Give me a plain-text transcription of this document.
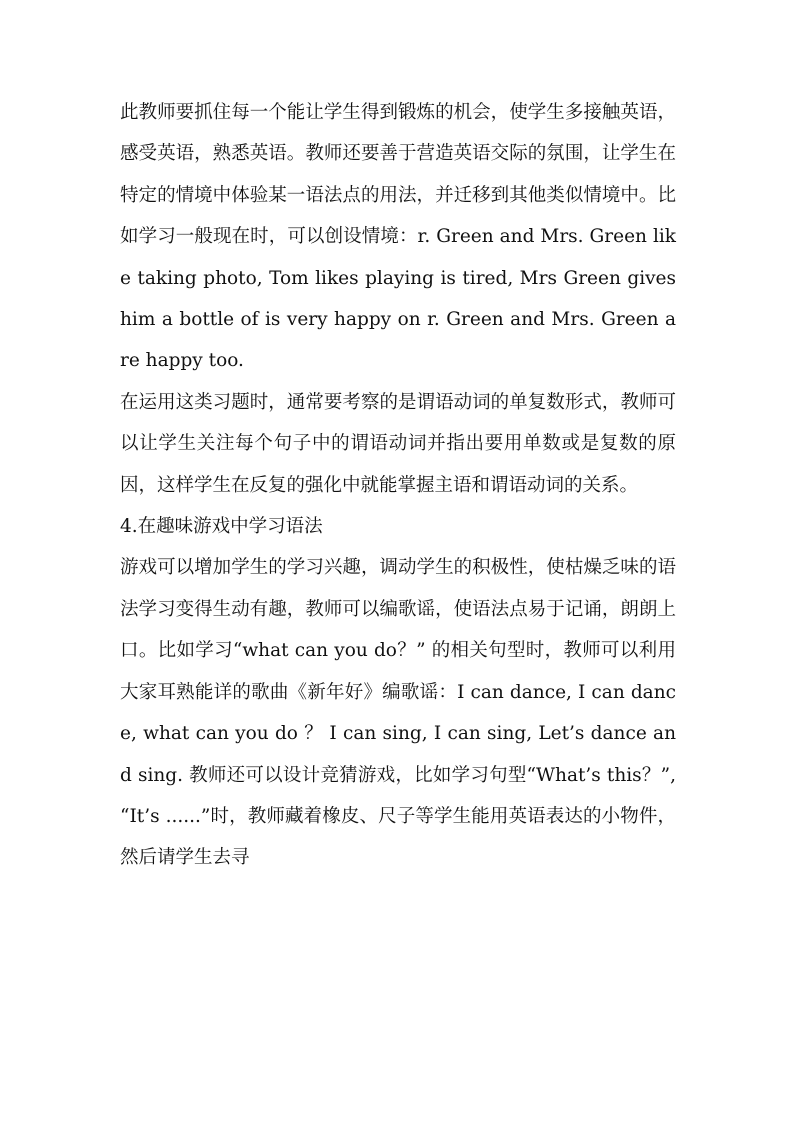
此教师要抓住每一个能让学生得到锻炼的机会，使学生多接触英语，感受英语，熟悉英语。教师还要善于营造英语交际的氛围，让学生在特定的情境中体验某一语法点的用法，并迁移到其他类似情境中。比如学习一般现在时，可以创设情境：r. Green and Mrs. Green like taking photo, Tom likes playing is tired, Mrs Green gives him a bottle of is very happy on r. Green and Mrs. Green are happy too.

在运用这类习题时，通常要考察的是谓语动词的单复数形式，教师可以让学生关注每个句子中的谓语动词并指出要用单数或是复数的原因，这样学生在反复的强化中就能掌握主语和谓语动词的关系。

4.在趣味游戏中学习语法

游戏可以增加学生的学习兴趣，调动学生的积极性，使枯燥乏味的语法学习变得生动有趣，教师可以编歌谣，使语法点易于记诵，朗朗上口。比如学习“what can you do？” 的相关句型时，教师可以利用大家耳熟能详的歌曲《新年好》编歌谣：I can dance, I can dance, what can you do ？ I can sing, I can sing, Let’s dance and sing. 教师还可以设计竞猜游戏，比如学习句型“What’s this？”, “It’s ......”时，教师藏着橡皮、尺子等学生能用英语表达的小物件，然后请学生去寻
